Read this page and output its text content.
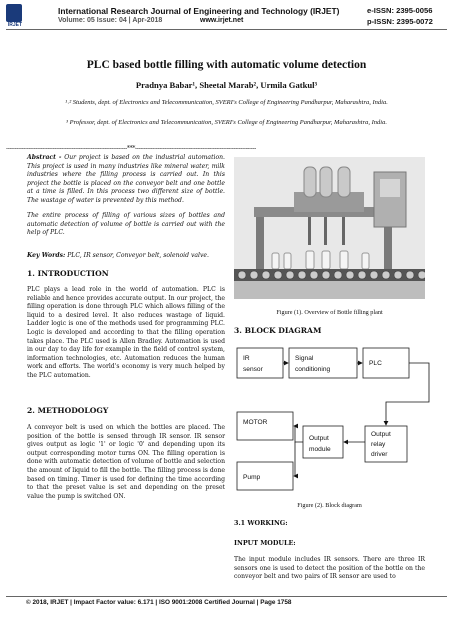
IRJET
International Research Journal of Engineering and Technology (IRJET)	e-ISSN: 2395-0056
Volume: 05 Issue: 04 | Apr-2018	www.irjet.net	p-ISSN: 2395-0072
PLC based bottle filling with automatic volume detection
Pradnya Babar¹, Sheetal Marab², Urmila Gatkul³
¹˒² Students, dept. of Electronics and Telecommunication, SVERI's College of Engineering Pandharpur, Maharashtra, India.
³ Professor, dept. of Electronics and Telecommunication, SVERI's College of Engineering Pandharpur, Maharashtra, India.
----------------------------------------------------------------------***----------------------------------------------------------------------
Abstract - Our project is based on the industrial automation. This project is used in many industries like mineral water, milk industries where the filling process is carried out. In this project the bottle is placed on the conveyor belt and one bottle at a time is filled. In this process two different size of bottle. The wastage of water is prevented by this method.
The entire process of filling of various sizes of bottles and automatic detection of volume of bottle is carried out with the help of PLC.
Key Words: PLC, IR sensor, Conveyor belt, solenoid valve.
1. INTRODUCTION
PLC plays a lead role in the world of automation. PLC is reliable and hence provides accurate output. In our project, the filling operation is done through PLC which allows filling of the liquid to a desired level. It also reduces wastage of liquid. Ladder logic is one of the methods used for programming PLC. Logic is developed and according to that the filling operation takes place. The PLC used is Allen Bradley. Automation is used in our day to day life for example in the field of control system, information technologies, etc. Automation reduces the human work and efforts. The world's economy is very much helped by the PLC automation.
2. METHODOLOGY
A conveyor belt is used on which the bottles are placed. The position of the bottle is sensed through IR sensor. IR sensor gives output as logic '1' or logic '0' and depending upon its output corresponding motor turns ON. The filling operation is done with automatic detection of volume of bottle and selection the amount of liquid to fill the bottle. The filling process is done based on timing. Timer is used for defining the time according to that the preset value is set and depending on the preset value the pump is switched ON.
Figure (1). Overview of Bottle filling plant
3. BLOCK DIAGRAM
IR
sensor
Signal
conditioning
PLC
MOTOR
Output
module
Output
relay
driver
Pump
Figure (2). Block diagram
3.1 WORKING:
INPUT MODULE:
The input module includes IR sensors. There are three IR sensors one is used to detect the position of the bottle on the conveyor belt and two pairs of IR sensor are used to
© 2018, IRJET | Impact Factor value: 6.171 | ISO 9001:2008 Certified Journal | Page 1758
